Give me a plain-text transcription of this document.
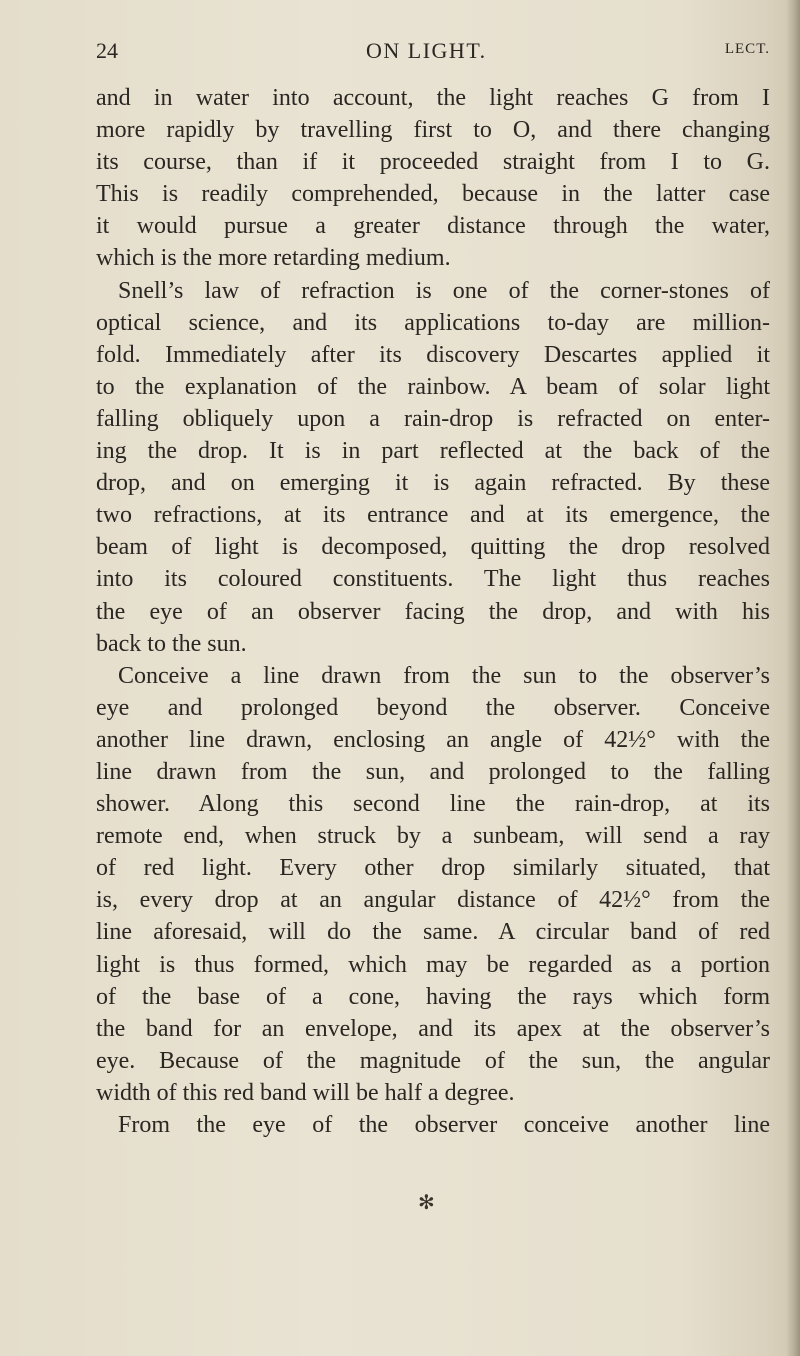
24	ON LIGHT.	LECT.
and in water into account, the light reaches G from I
more rapidly by travelling first to O, and there changing
its course, than if it proceeded straight from I to G.
This is readily comprehended, because in the latter case
it would pursue a greater distance through the water,
which is the more retarding medium.
Snell’s law of refraction is one of the corner-stones of
optical science, and its applications to-day are million-
fold. Immediately after its discovery Descartes applied it
to the explanation of the rainbow. A beam of solar light
falling obliquely upon a rain-drop is refracted on enter-
ing the drop. It is in part reflected at the back of the
drop, and on emerging it is again refracted. By these
two refractions, at its entrance and at its emergence, the
beam of light is decomposed, quitting the drop resolved
into its coloured constituents. The light thus reaches
the eye of an observer facing the drop, and with his
back to the sun.
Conceive a line drawn from the sun to the observer’s
eye and prolonged beyond the observer. Conceive
another line drawn, enclosing an angle of 42½° with the
line drawn from the sun, and prolonged to the falling
shower. Along this second line the rain-drop, at its
remote end, when struck by a sunbeam, will send a ray
of red light. Every other drop similarly situated, that
is, every drop at an angular distance of 42½° from the
line aforesaid, will do the same. A circular band of red
light is thus formed, which may be regarded as a portion
of the base of a cone, having the rays which form
the band for an envelope, and its apex at the observer’s
eye. Because of the magnitude of the sun, the angular
width of this red band will be half a degree.
From the eye of the observer conceive another line
✻
